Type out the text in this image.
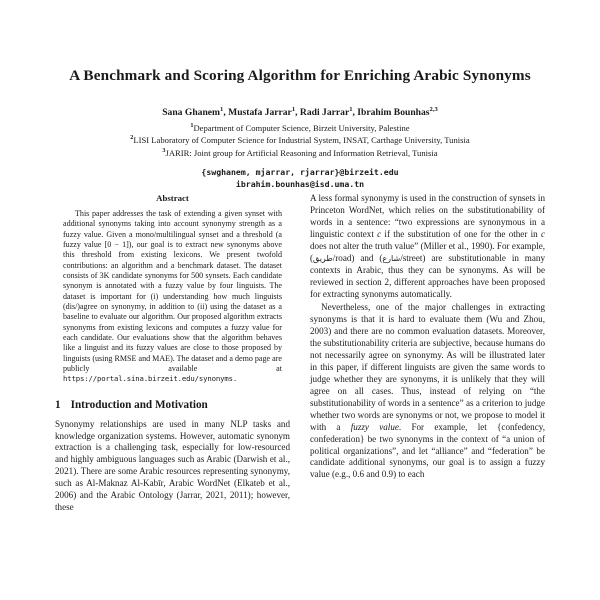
A Benchmark and Scoring Algorithm for Enriching Arabic Synonyms
Sana Ghanem$^1$, Mustafa Jarrar$^1$, Radi Jarrar$^1$, Ibrahim Bounhas$^{2,3}$
$^1$Department of Computer Science, Birzeit University, Palestine
$^2$LISI Laboratory of Computer Science for Industrial System, INSAT, Carthage University, Tunisia
$^3$JARIR: Joint group for Artificial Reasoning and Information Retrieval, Tunisia
{swghanem, mjarrar, rjarrar}@birzeit.edu
ibrahim.bounhas@isd.uma.tn
Abstract
This paper addresses the task of extending a given synset with additional synonyms taking into account synonymy strength as a fuzzy value. Given a mono/multilingual synset and a threshold (a fuzzy value [0 − 1]), our goal is to extract new synonyms above this threshold from existing lexicons. We present twofold contributions: an algorithm and a benchmark dataset. The dataset consists of 3K candidate synonyms for 500 synsets. Each candidate synonym is annotated with a fuzzy value by four linguists. The dataset is important for (i) understanding how much linguists (dis/)agree on synonymy, in addition to (ii) using the dataset as a baseline to evaluate our algorithm. Our proposed algorithm extracts synonyms from existing lexicons and computes a fuzzy value for each candidate. Our evaluations show that the algorithm behaves like a linguist and its fuzzy values are close to those proposed by linguists (using RMSE and MAE). The dataset and a demo page are publicly available at https://portal.sina.birzeit.edu/synonyms.
1 Introduction and Motivation

Synonymy relationships are used in many NLP tasks and knowledge organization systems. However, automatic synonym extraction is a challenging task, especially for low-resourced and highly ambiguous languages such as Arabic (Darwish et al., 2021). There are some Arabic resources representing synonymy, such as Al-Maknaz Al-Kabīr, Arabic WordNet (Elkateb et al., 2006) and the Arabic Ontology (Jarrar, 2021, 2011); however, these

A less formal synonymy is used in the construction of synsets in Princeton WordNet, which relies on the substitutionability of words in a sentence: “two expressions are synonymous in a linguistic context c if the substitution of one for the other in c does not alter the truth value” (Miller et al., 1990). For example, (طريق/road) and (شارع/street) are substitutionable in many contexts in Arabic, thus they can be synonyms. As will be reviewed in section 2, different approaches have been proposed for extracting synonyms automatically.

Nevertheless, one of the major challenges in extracting synonyms is that it is hard to evaluate them (Wu and Zhou, 2003) and there are no common evaluation datasets. Moreover, the substitutionability criteria are subjective, because humans do not necessarily agree on synonymy. As will be illustrated later in this paper, if different linguists are given the same words to judge whether they are synonyms, it is unlikely that they will agree on all cases. Thus, instead of relying on “the substitutionability of words in a sentence” as a criterion to judge whether two words are synonyms or not, we propose to model it with a fuzzy value. For example, let {confedency, confederation} be two synonyms in the context of “a union of political organizations”, and let “alliance” and “federation” be candidate additional synonyms, our goal is to assign a fuzzy value (e.g., 0.6 and 0.9) to each
